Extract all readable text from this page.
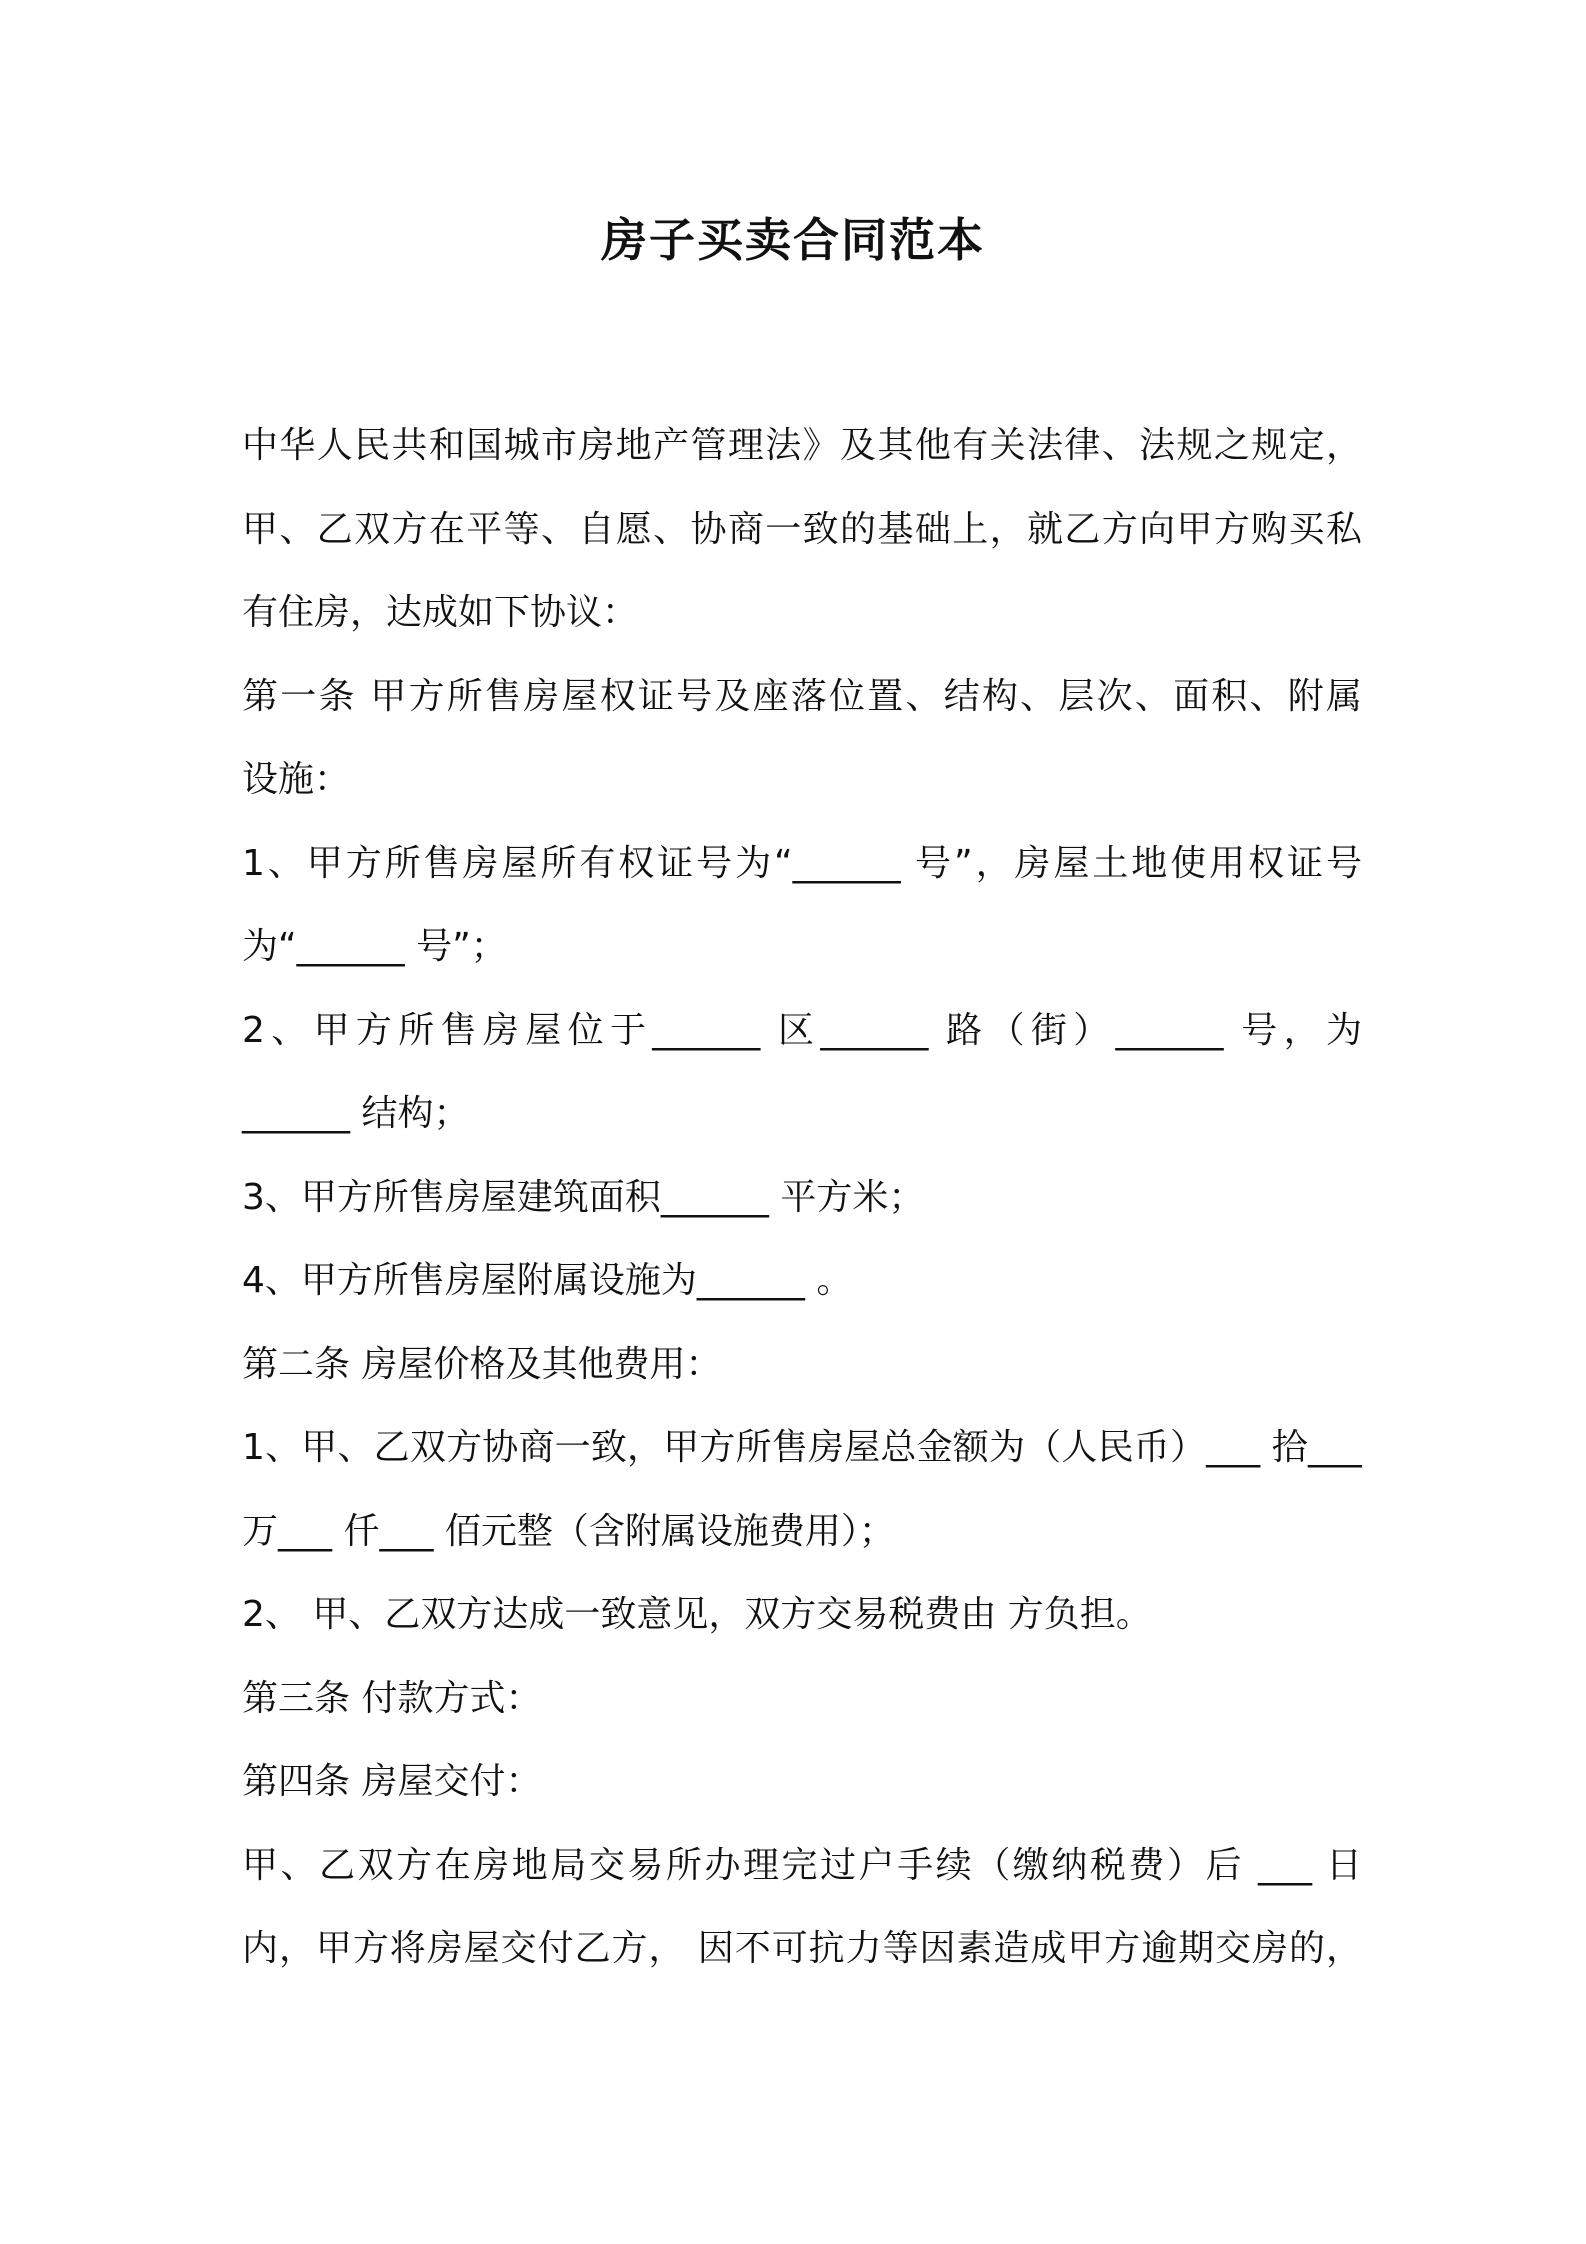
房子买卖合同范本
中华人民共和国城市房地产管理法》及其他有关法律、法规之规定，
甲、乙双方在平等、自愿、协商一致的基础上，就乙方向甲方购买私
有住房，达成如下协议：
第一条 甲方所售房屋权证号及座落位置、结构、层次、面积、附属
设施：
1、甲方所售房屋所有权证号为“______ 号”，房屋土地使用权证号
为“______ 号”；
2、甲方所售房屋位于______ 区______ 路（街）______ 号，为
______ 结构；
3、甲方所售房屋建筑面积______ 平方米；
4、甲方所售房屋附属设施为______ 。
第二条 房屋价格及其他费用：
1、甲、乙双方协商一致，甲方所售房屋总金额为（人民币）___ 拾___
万___ 仟___ 佰元整（含附属设施费用）；
2、 甲、乙双方达成一致意见，双方交易税费由 方负担。
第三条 付款方式：
第四条 房屋交付：
甲、乙双方在房地局交易所办理完过户手续（缴纳税费）后 ___ 日
内，甲方将房屋交付乙方， 因不可抗力等因素造成甲方逾期交房的，
